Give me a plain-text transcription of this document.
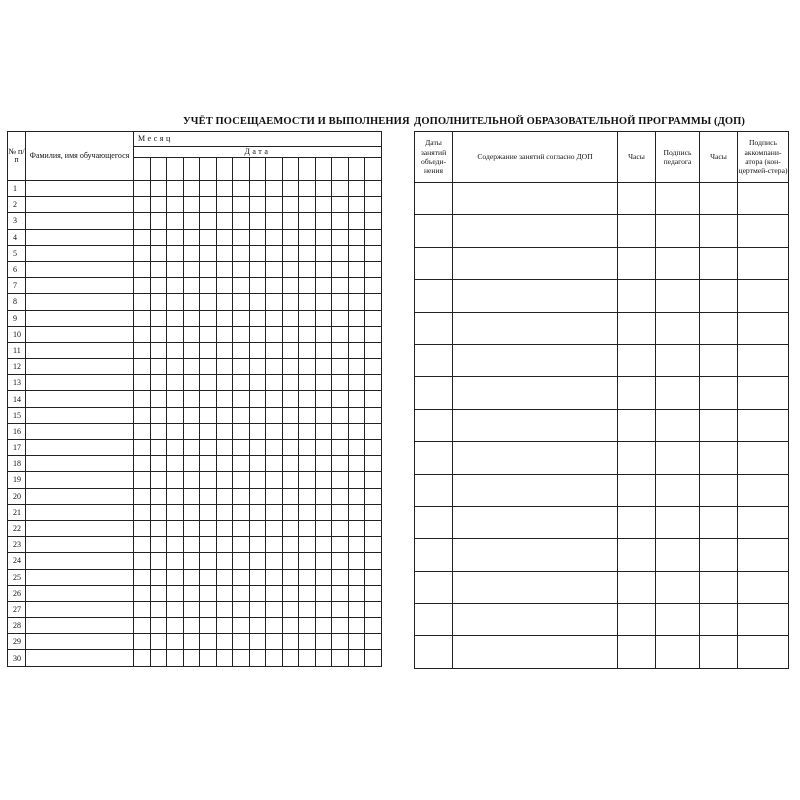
УЧЁТ ПОСЕЩАЕМОСТИ И ВЫПОЛНЕНИЯ ДОПОЛНИТЕЛЬНОЙ ОБРАЗОВАТЕЛЬНОЙ ПРОГРАММЫ (ДОП)
№ п/п	Фамилия, имя обучающегося	Месяц														
		Дата														

1																
2																
3																
4																
5																
6																
7																
8																
9																
10																
11																
12																
13																
14																
15																
16																
17																
18																
19																
20																
21																
22																
23																
24																
25																
26																
27																
28																
29																
30																
Даты занятий объеди-нения	Содержание занятий согласно ДОП	Часы	Подпись педагога	Часы	Подпись аккомпани-атора (кон-цертмей-стера)
